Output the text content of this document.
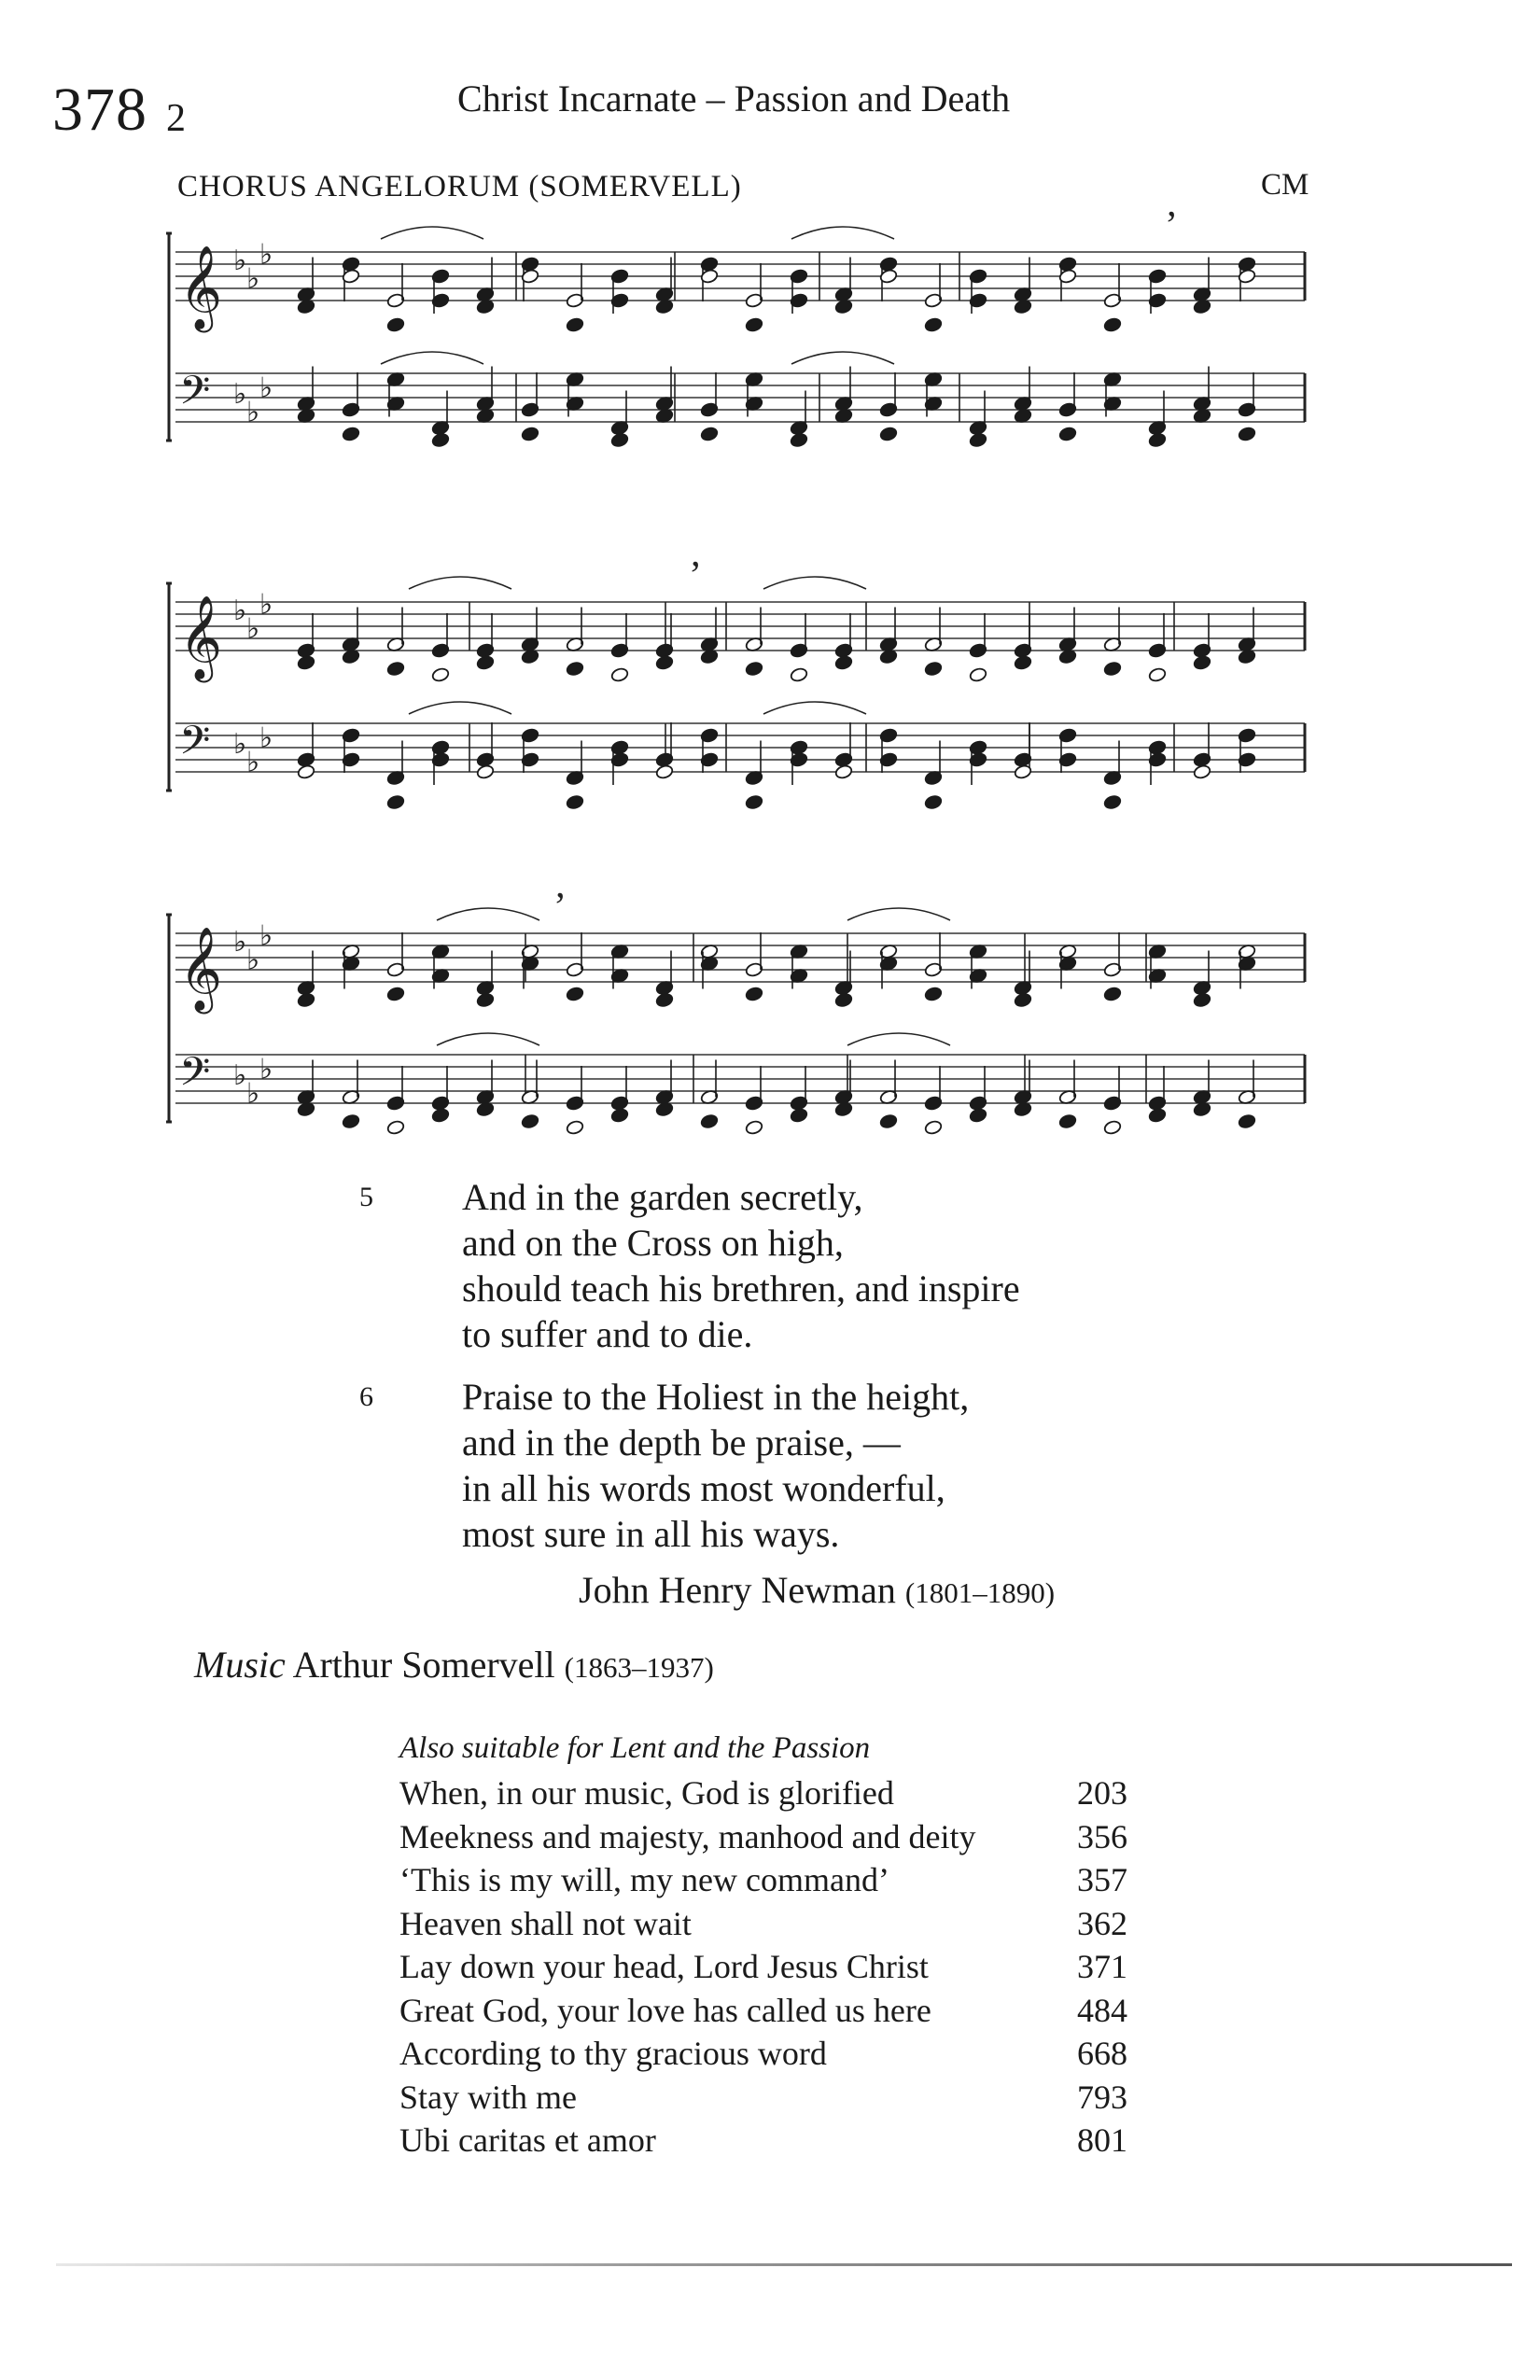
378 2	Christ Incarnate – Passion and Death
CHORUS ANGELORUM (SOMERVELL)	CM
𝄞 ♭
♭
♭
𝄢 ♭
♭
♭
’
𝄞 ♭
♭
♭
𝄢 ♭
♭
♭
’
𝄞 ♭
♭
♭
𝄢 ♭
♭
♭
’
5 And in the garden secretly,
and on the Cross on high,
should teach his brethren, and inspire
to suffer and to die.
6 Praise to the Holiest in the height,
and in the depth be praise, —
in all his words most wonderful,
most sure in all his ways.
John Henry Newman (1801–1890)
Music Arthur Somervell (1863–1937)
Also suitable for Lent and the Passion
When, in our music, God is glorified	203
Meekness and majesty, manhood and deity	356
‘This is my will, my new command’	357
Heaven shall not wait	362
Lay down your head, Lord Jesus Christ	371
Great God, your love has called us here	484
According to thy gracious word	668
Stay with me	793
Ubi caritas et amor	801
